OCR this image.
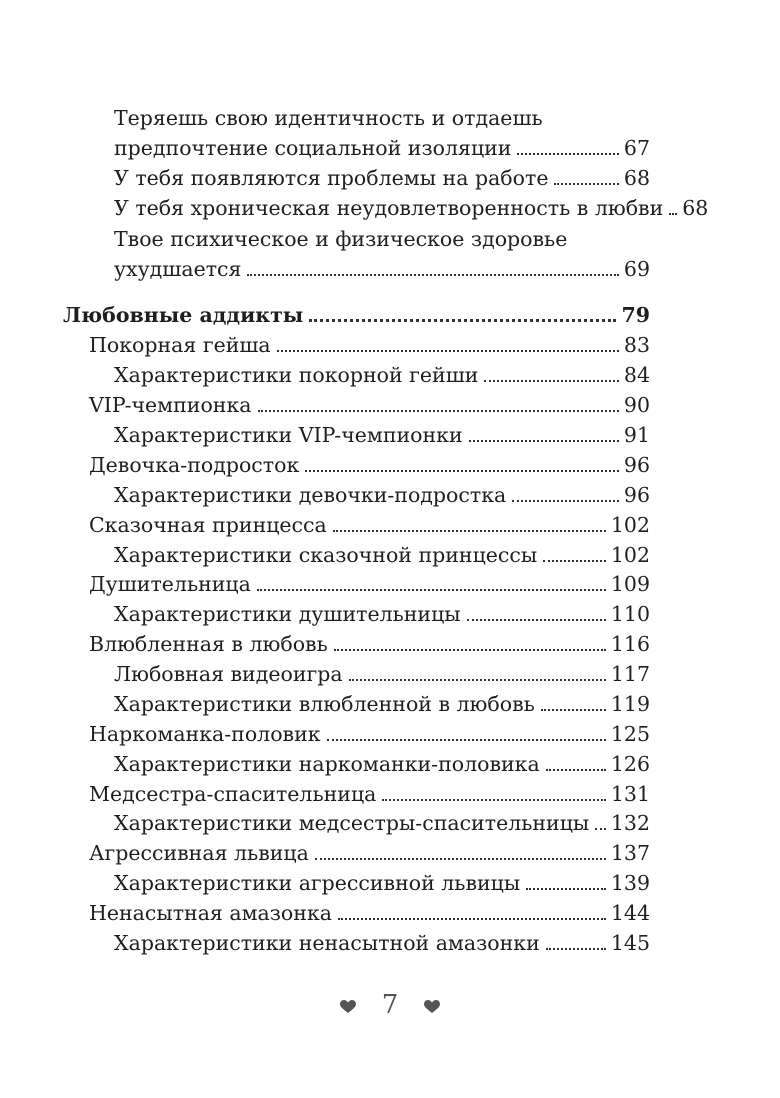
Теряешь свою идентичность и отдаешь
предпочтение социальной изоляции	67
У тебя появляются проблемы на работе	68
У тебя хроническая неудовлетворенность в любви 68
Твое психическое и физическое здоровье
ухудшается	69
Любовные аддикты	79
Покорная гейша	83
Характеристики покорной гейши	84
VIP-чемпионка	90
Характеристики VIP-чемпионки	91
Девочка-подросток	96
Характеристики девочки-подростка	96
Сказочная принцесса	102
Характеристики сказочной принцессы	102
Душительница	109
Характеристики душительницы	110
Влюбленная в любовь	116
Любовная видеоигра	117
Характеристики влюбленной в любовь	119
Наркоманка-половик	125
Характеристики наркоманки-половика	126
Медсестра-спасительница	131
Характеристики медсестры-спасительницы 132
Агрессивная львица	137
Характеристики агрессивной львицы	139
Ненасытная амазонка	144
Характеристики ненасытной амазонки	145
7
